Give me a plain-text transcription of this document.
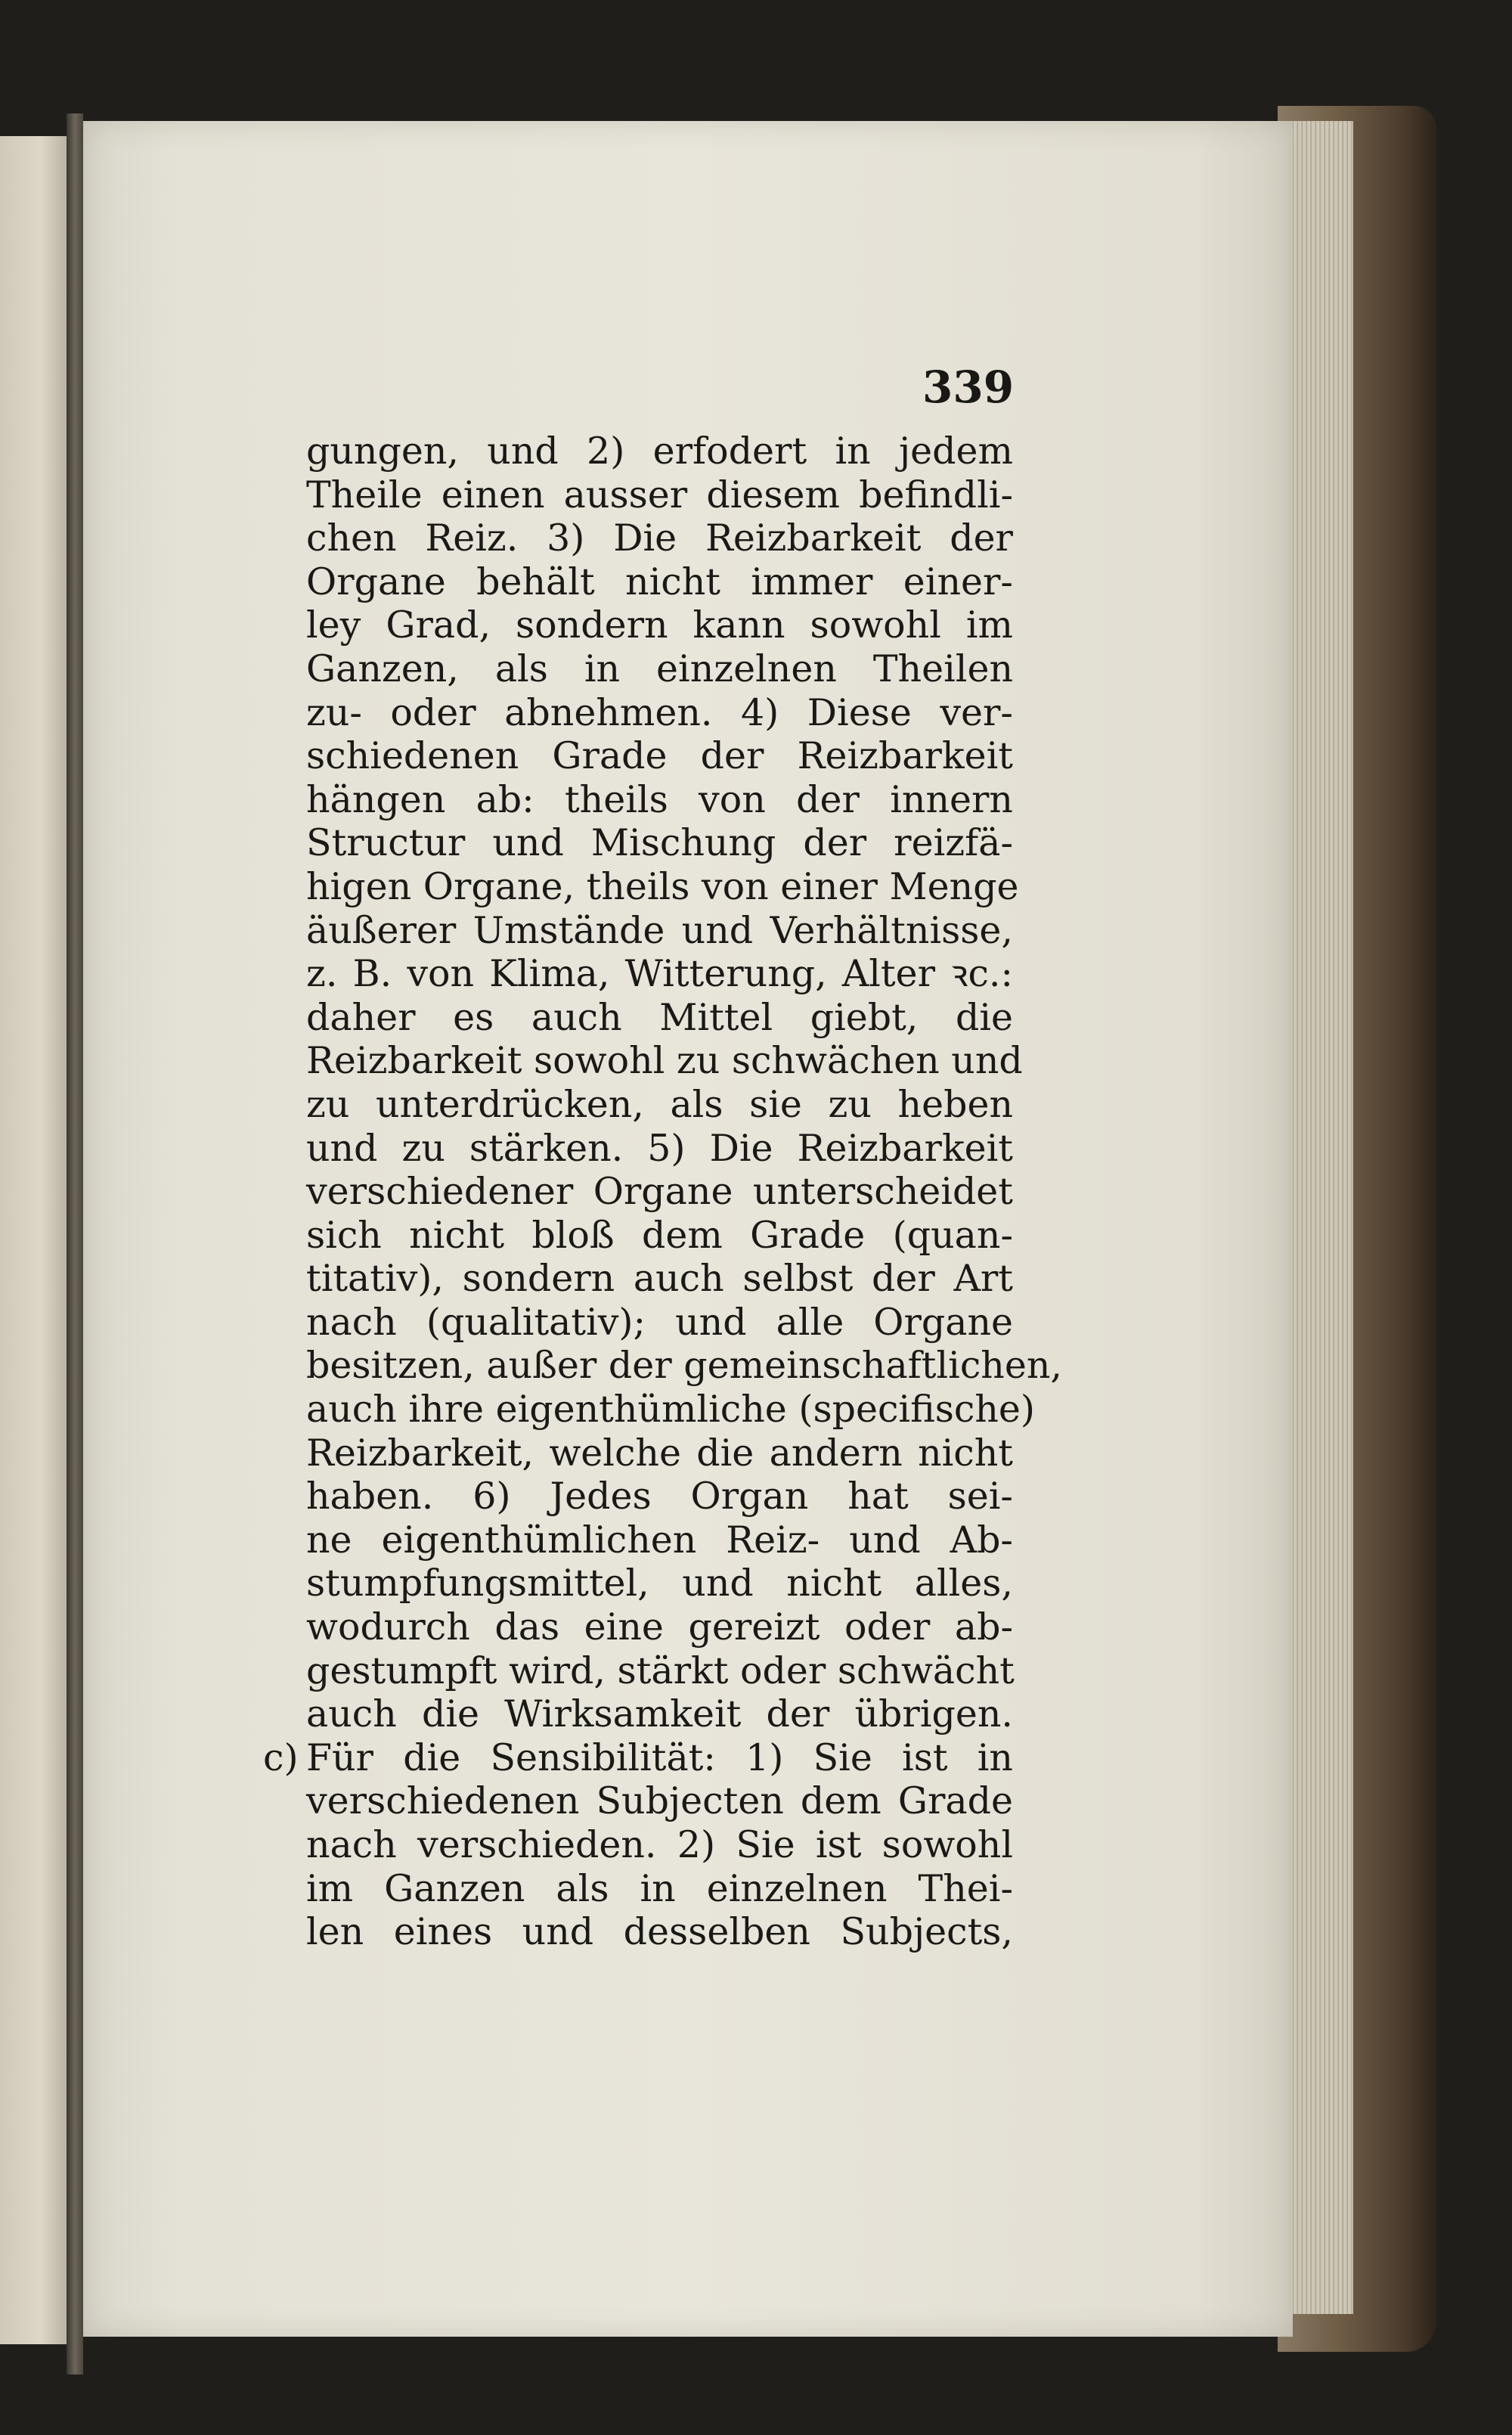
339
gungen, und 2) erfodert in jedem
Theile einen ausser diesem befindli-
chen Reiz. 3) Die Reizbarkeit der
Organe behält nicht immer einer-
ley Grad, sondern kann sowohl im
Ganzen, als in einzelnen Theilen
zu- oder abnehmen. 4) Diese ver-
schiedenen Grade der Reizbarkeit
hängen ab: theils von der innern
Structur und Mischung der reizfä-
higen Organe, theils von einer Menge
äußerer Umstände und Verhältnisse,
z. B. von Klima, Witterung, Alter ꝛc.:
daher es auch Mittel giebt, die
Reizbarkeit sowohl zu schwächen und
zu unterdrücken, als sie zu heben
und zu stärken. 5) Die Reizbarkeit
verschiedener Organe unterscheidet
sich nicht bloß dem Grade (quan-
titativ), sondern auch selbst der Art
nach (qualitativ); und alle Organe
besitzen, außer der gemeinschaftlichen,
auch ihre eigenthümliche (specifische)
Reizbarkeit, welche die andern nicht
haben. 6) Jedes Organ hat sei-
ne eigenthümlichen Reiz- und Ab-
stumpfungsmittel, und nicht alles,
wodurch das eine gereizt oder ab-
gestumpft wird, stärkt oder schwächt
auch die Wirksamkeit der übrigen.
Für die Sensibilität: 1) Sie ist in
verschiedenen Subjecten dem Grade
nach verschieden. 2) Sie ist sowohl
im Ganzen als in einzelnen Thei-
len eines und desselben Subjects,
c)
